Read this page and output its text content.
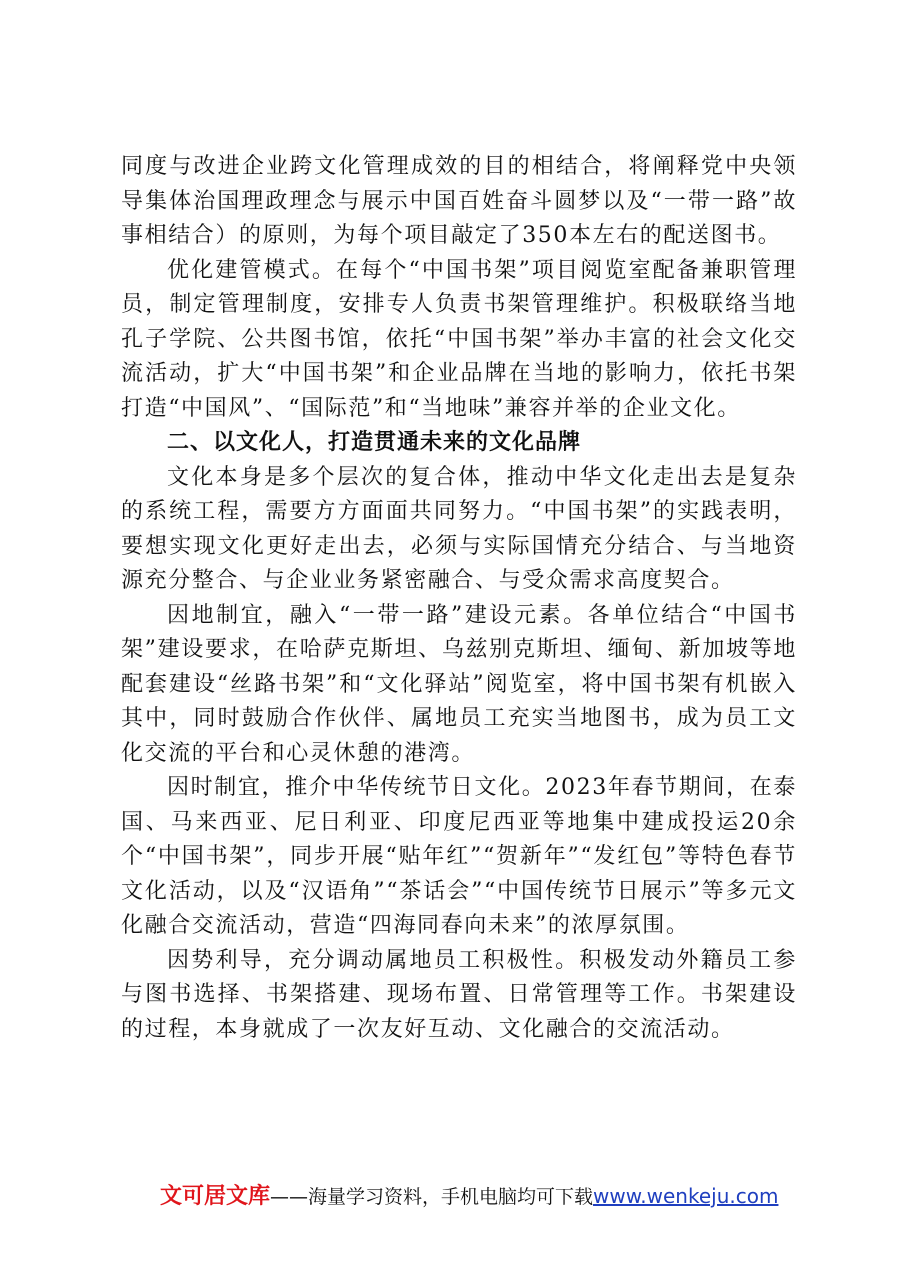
同度与改进企业跨文化管理成效的目的相结合，将阐释党中央领导集体治国理政理念与展示中国百姓奋斗圆梦以及“一带一路”故事相结合）的原则，为每个项目敲定了350本左右的配送图书。

优化建管模式。在每个“中国书架”项目阅览室配备兼职管理员，制定管理制度，安排专人负责书架管理维护。积极联络当地孔子学院、公共图书馆，依托“中国书架”举办丰富的社会文化交流活动，扩大“中国书架”和企业品牌在当地的影响力，依托书架打造“中国风”、“国际范”和“当地味”兼容并举的企业文化。

二、以文化人，打造贯通未来的文化品牌

文化本身是多个层次的复合体，推动中华文化走出去是复杂的系统工程，需要方方面面共同努力。“中国书架”的实践表明，要想实现文化更好走出去，必须与实际国情充分结合、与当地资源充分整合、与企业业务紧密融合、与受众需求高度契合。

因地制宜，融入“一带一路”建设元素。各单位结合“中国书架”建设要求，在哈萨克斯坦、乌兹别克斯坦、缅甸、新加坡等地配套建设“丝路书架”和“文化驿站”阅览室，将中国书架有机嵌入其中，同时鼓励合作伙伴、属地员工充实当地图书，成为员工文化交流的平台和心灵休憩的港湾。

因时制宜，推介中华传统节日文化。2023年春节期间，在泰国、马来西亚、尼日利亚、印度尼西亚等地集中建成投运20余个“中国书架”，同步开展“贴年红”“贺新年”“发红包”等特色春节文化活动，以及“汉语角”“茶话会”“中国传统节日展示”等多元文化融合交流活动，营造“四海同春向未来”的浓厚氛围。

因势利导，充分调动属地员工积极性。积极发动外籍员工参与图书选择、书架搭建、现场布置、日常管理等工作。书架建设的过程，本身就成了一次友好互动、文化融合的交流活动。

文可居文库——海量学习资料，手机电脑均可下载www.wenkeju.com
